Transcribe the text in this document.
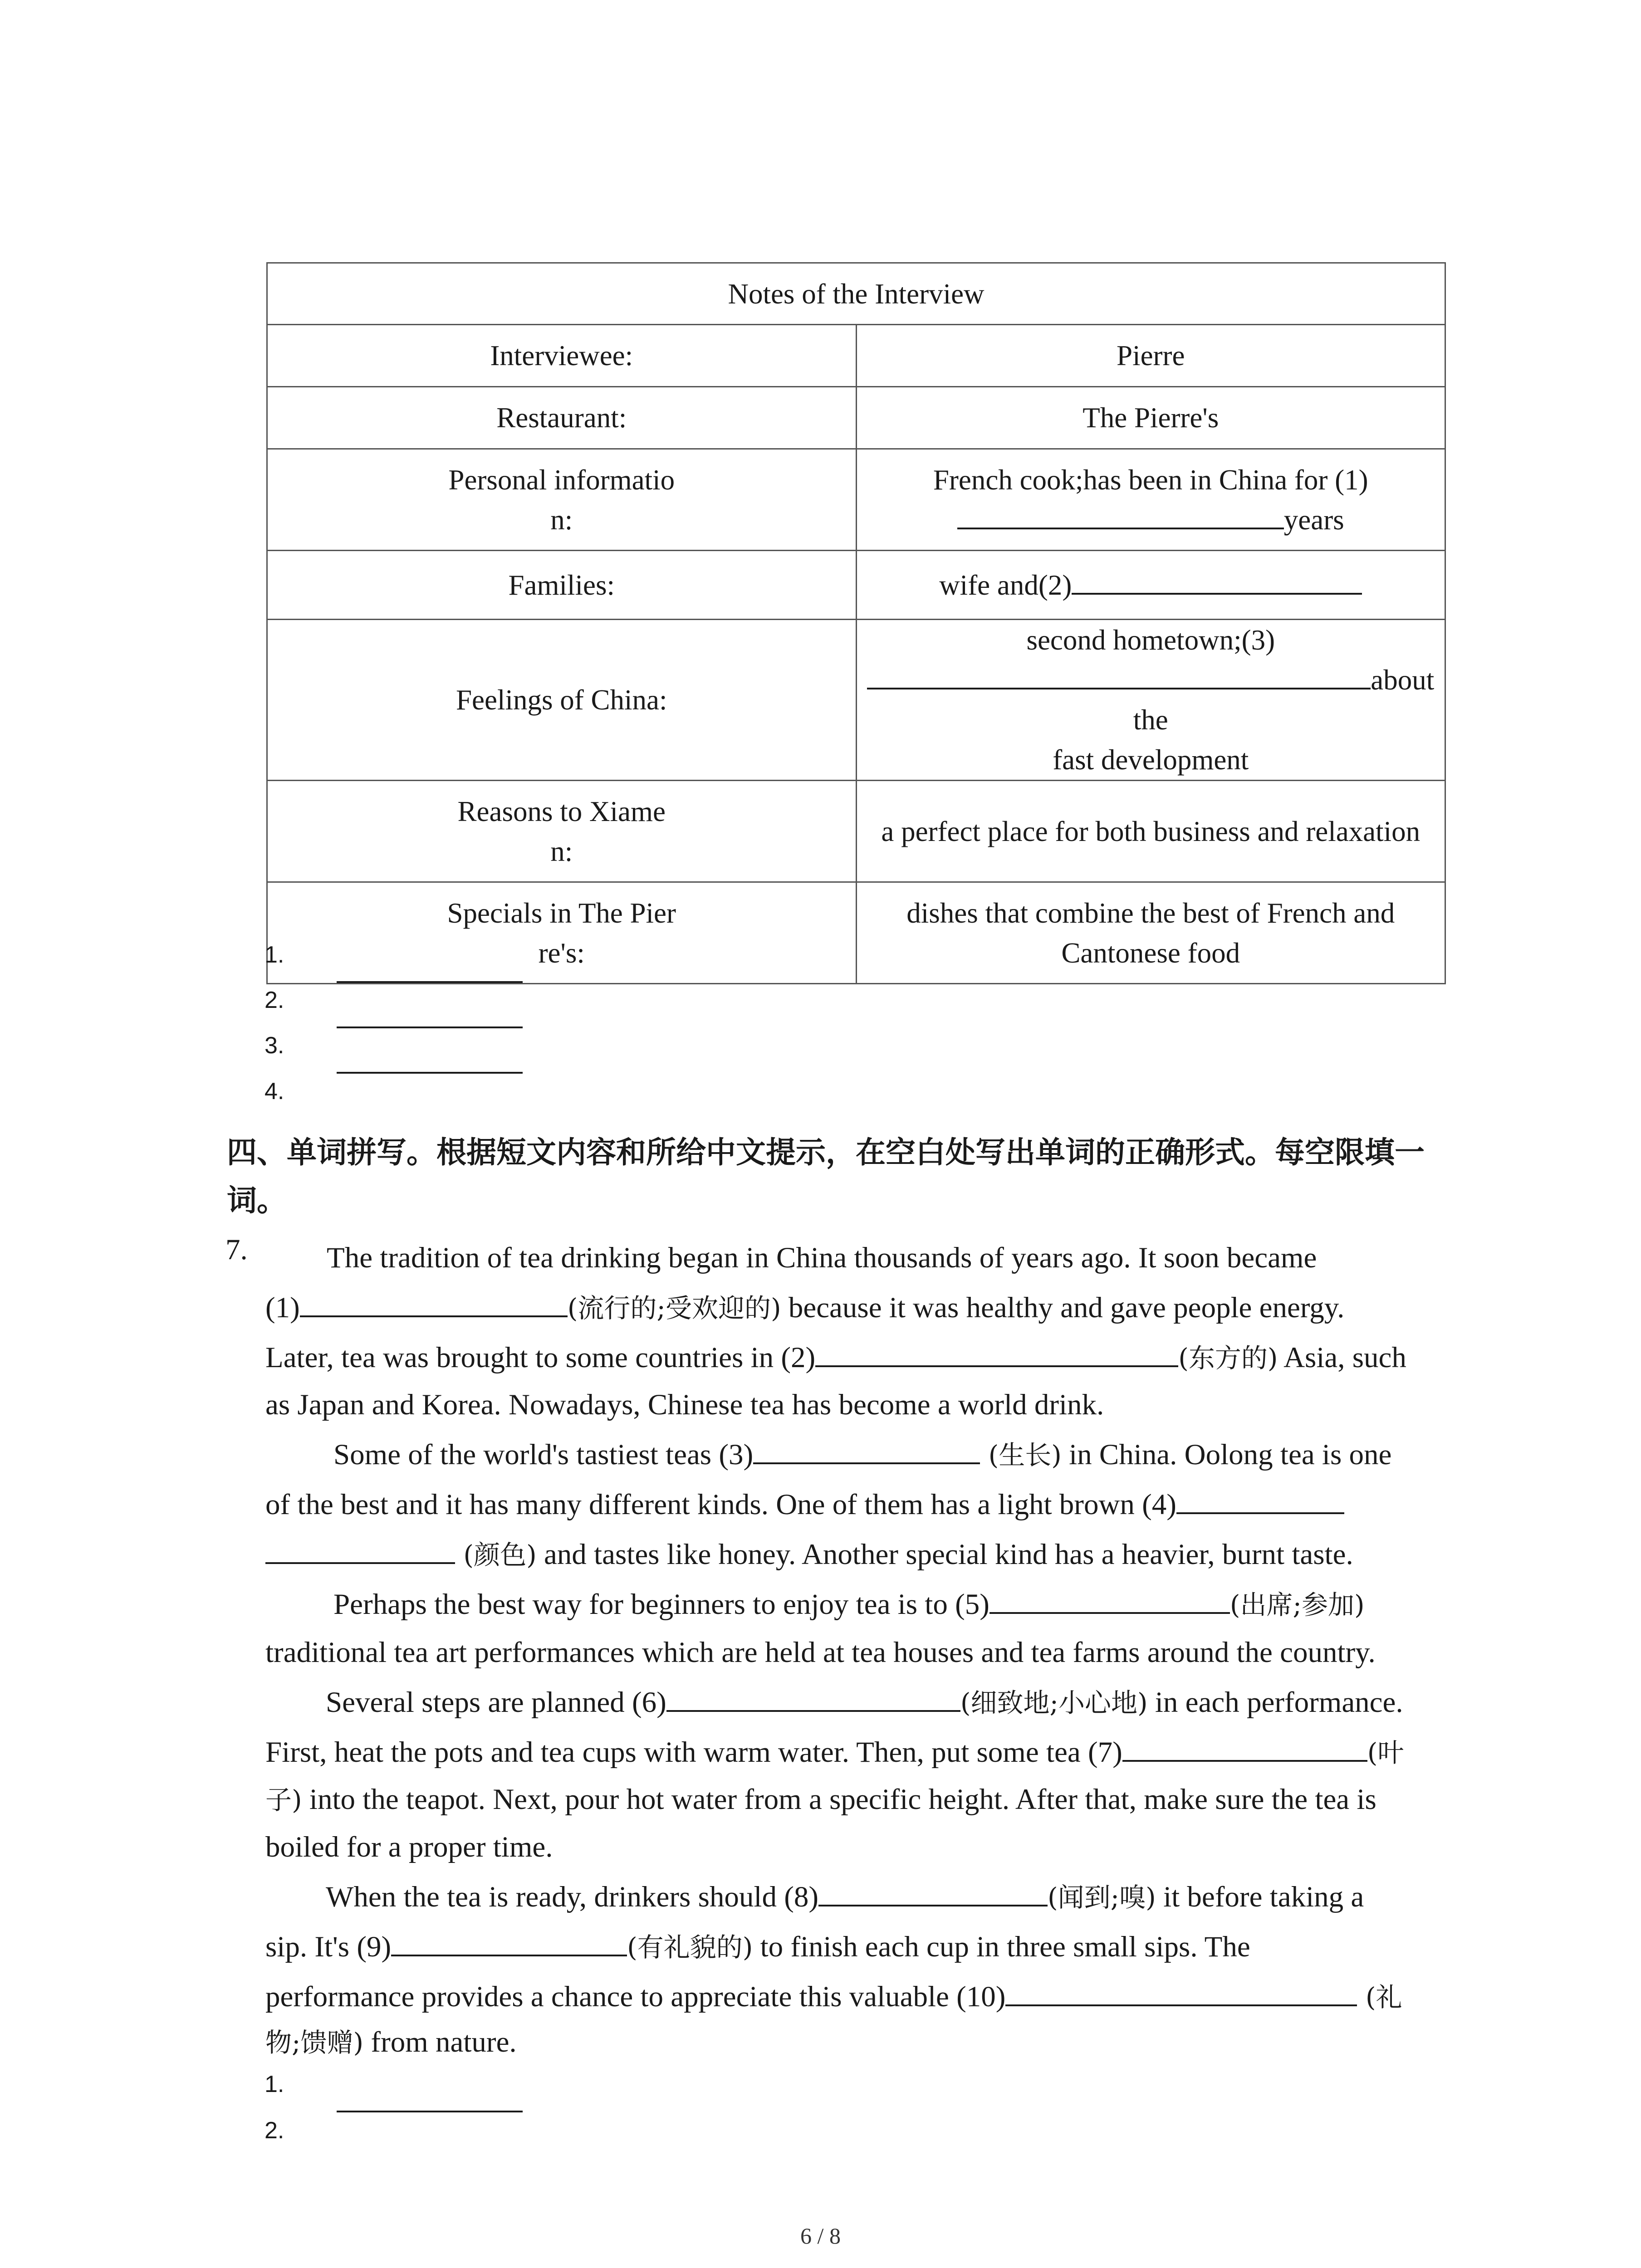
Notes of the Interview	
Interviewee:	Pierre
Restaurant:	The Pierre's
Personal informatio
n:	French cook;has been in China for (1)years
Families:	wife and(2)
Feelings of China:	second hometown;(3)about the
fast development
Reasons to Xiame
n:	a perfect place for both business and relaxation
Specials in The Pier
re's:	dishes that combine the best of French and Cantonese food
1.
2.
3.
4.
四、单词拼写。根据短文内容和所给中文提示，在空白处写出单词的正确形式。每空限填一词。
7.	The tradition of tea drinking began in China thousands of years ago. It soon became
(1)	(流行的;受欢迎的) because it was healthy and gave people energy.
Later, tea was brought to some countries in (2)	(东方的) Asia, such
as Japan and Korea. Nowadays, Chinese tea has become a world drink.
Some of the world's tastiest teas (3)	(生长) in China. Oolong tea is one
of the best and it has many different kinds. One of them has a light brown (4)
(颜色) and tastes like honey. Another special kind has a heavier, burnt taste.
Perhaps the best way for beginners to enjoy tea is to (5)	(出席;参加)
traditional tea art performances which are held at tea houses and tea farms around the country.
Several steps are planned (6)	(细致地;小心地) in each performance.
First, heat the pots and tea cups with warm water. Then, put some tea (7)	(叶
子) into the teapot. Next, pour hot water from a specific height. After that, make sure the tea is
boiled for a proper time.
When the tea is ready, drinkers should (8)	(闻到;嗅) it before taking a
sip. It's (9)	(有礼貌的) to finish each cup in three small sips. The
performance provides a chance to appreciate this valuable (10)	(礼
物;馈赠) from nature.
1.
2.
6 / 8
